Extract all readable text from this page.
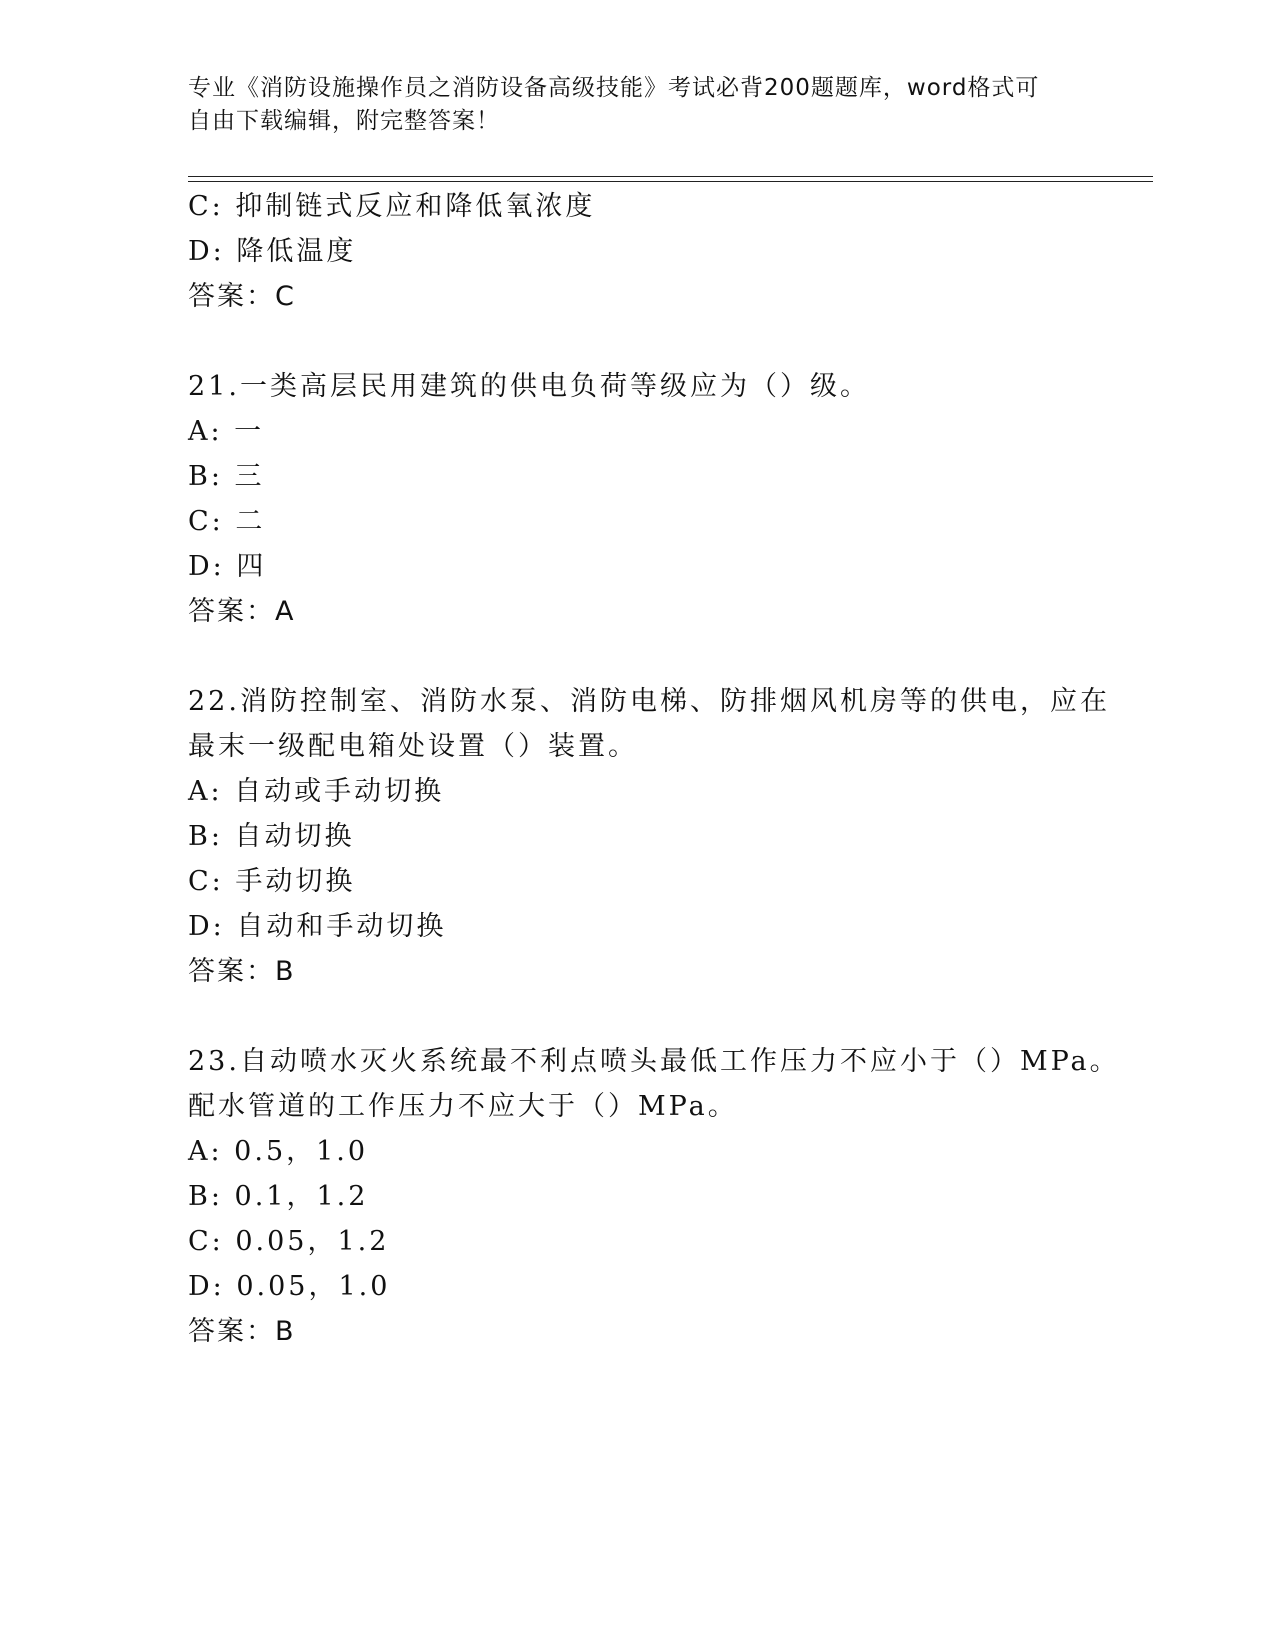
专业《消防设施操作员之消防设备高级技能》考试必背200题题库，word格式可
自由下载编辑，附完整答案！
C: 抑制链式反应和降低氧浓度
D: 降低温度
答案：C
21.一类高层民用建筑的供电负荷等级应为（）级。
A: 一
B: 三
C: 二
D: 四
答案：A
22.消防控制室、消防水泵、消防电梯、防排烟风机房等的供电，应在
最末一级配电箱处设置（）装置。
A: 自动或手动切换
B: 自动切换
C: 手动切换
D: 自动和手动切换
答案：B
23.自动喷水灭火系统最不利点喷头最低工作压力不应小于（）MPa。
配水管道的工作压力不应大于（）MPa。
A: 0.5，1.0
B: 0.1，1.2
C: 0.05，1.2
D: 0.05，1.0
答案：B
